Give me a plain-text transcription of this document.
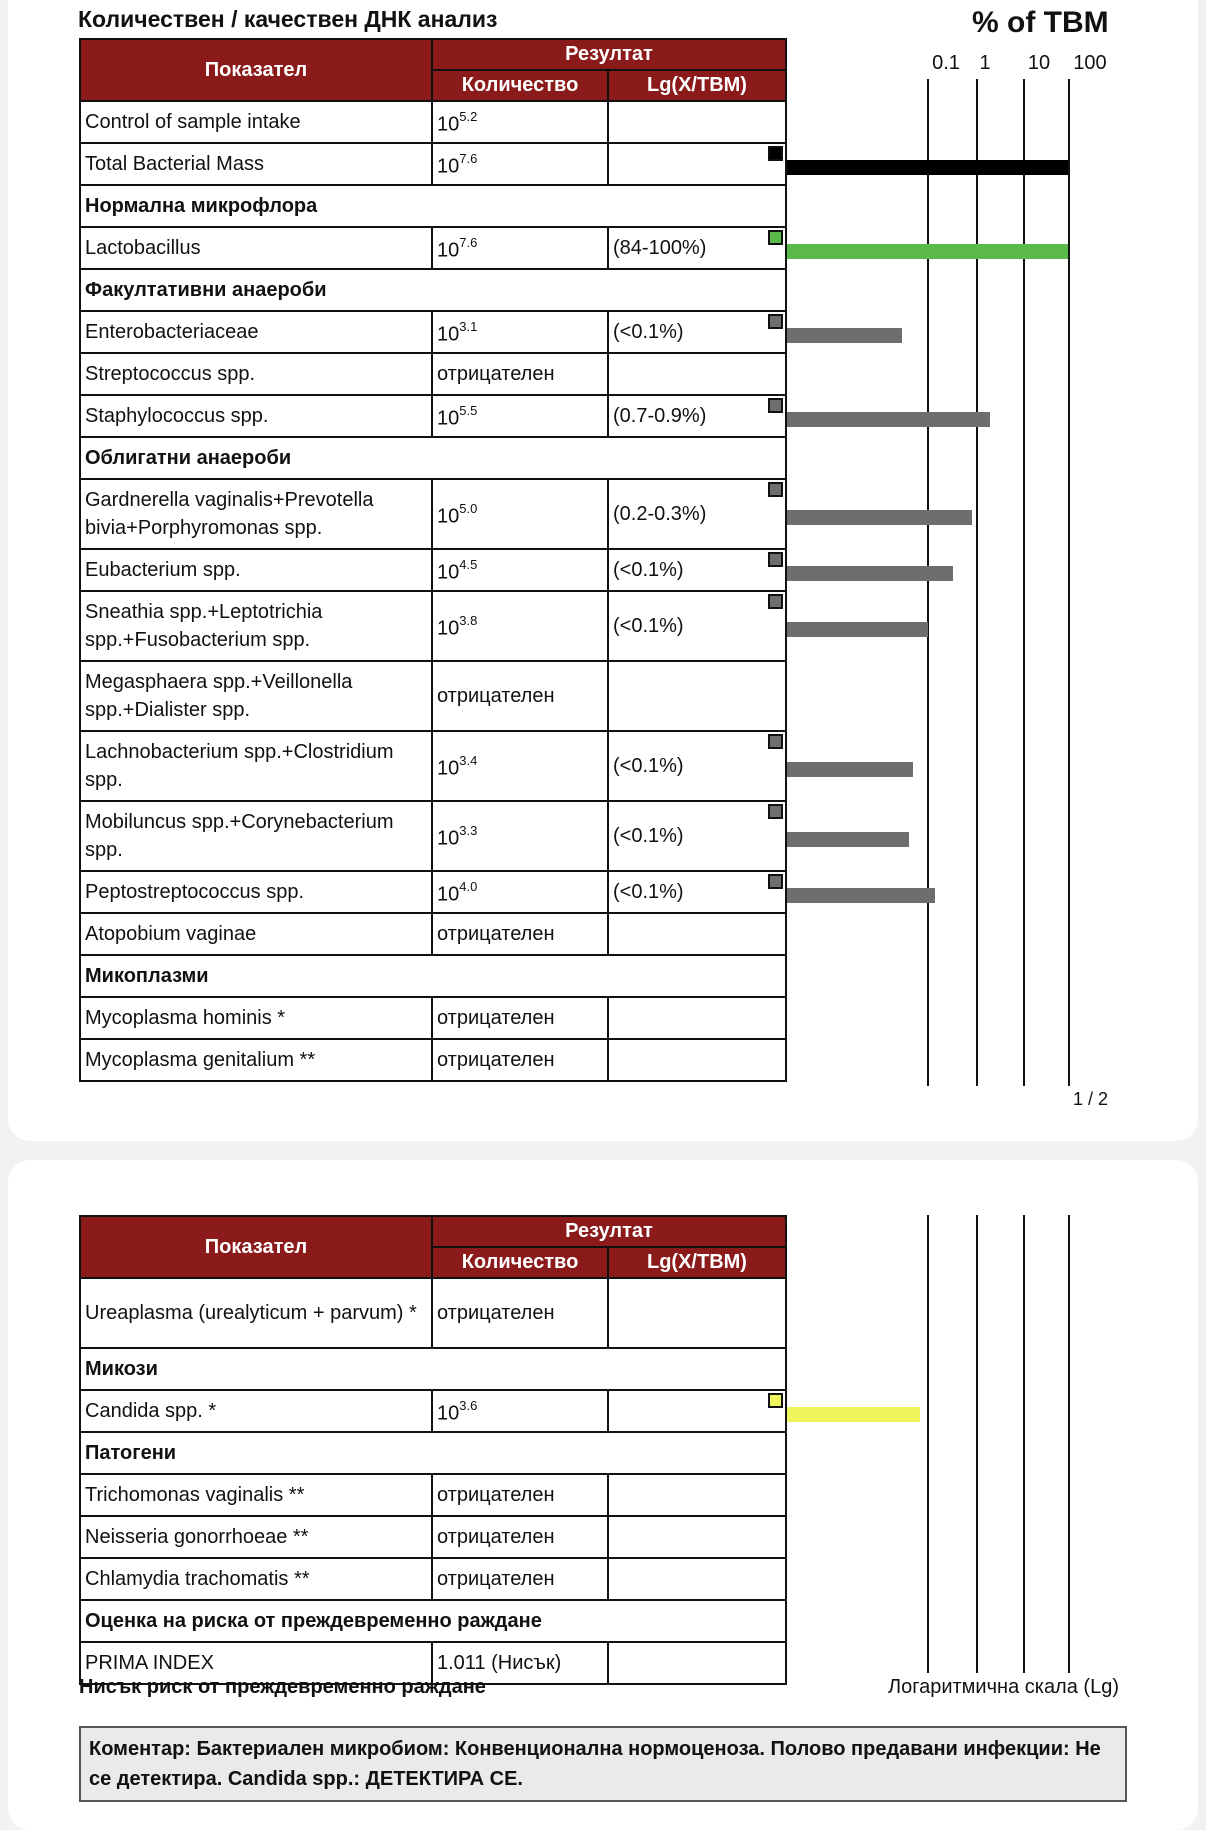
Количествен / качествен ДНК анализ	% of TBM
0.1 1 10 100
Показател	Резултат	
	Количество	Lg(X/TBM)
Control of sample intake	$10^{5.2}$	
Total Bacterial Mass	$10^{7.6}$	

Нормална микрофлора		
Lactobacillus	$10^{7.6}$	(84-100%)

Факултативни анаероби		
Enterobacteriaceae	$10^{3.1}$	(<0.1%)

Streptococcus spp.	отрицателен	
Staphylococcus spp.	$10^{5.5}$	(0.7-0.9%)

Облигатни анаероби		
Gardnerella vaginalis+Prevotella bivia+Porphyromonas spp.	$10^{5.0}$	(0.2-0.3%)

Eubacterium spp.	$10^{4.5}$	(<0.1%)

Sneathia spp.+Leptotrichia spp.+Fusobacterium spp.	$10^{3.8}$	(<0.1%)

Megasphaera spp.+Veillonella spp.+Dialister spp.	отрицателен	
Lachnobacterium spp.+Clostridium spp.	$10^{3.4}$	(<0.1%)

Mobiluncus spp.+Corynebacterium spp.	$10^{3.3}$	(<0.1%)

Peptostreptococcus spp.	$10^{4.0}$	(<0.1%)

Atopobium vaginae	отрицателен	
Микоплазми		
Mycoplasma hominis *	отрицателен	
Mycoplasma genitalium **	отрицателен	
Показател	Резултат	
	Количество	Lg(X/TBM)
Ureaplasma (urealyticum + parvum) *	отрицателен	
Микози		
Candida spp. *	$10^{3.6}$	

Патогени		
Trichomonas vaginalis **	отрицателен	
Neisseria gonorrhoeae **	отрицателен	
Chlamydia trachomatis **	отрицателен	
Оценка на риска от преждевременно раждане		
PRIMA INDEX	1.011 (Нисък)	
1 / 2
Нисък риск от преждевременно раждане	Логаритмична скала (Lg)
Коментар: Бактериален микробиом: Конвенционална нормоценоза. Полово предавани инфекции: Не се детектира. Candida spp.: ДЕТЕКТИРА СЕ.
